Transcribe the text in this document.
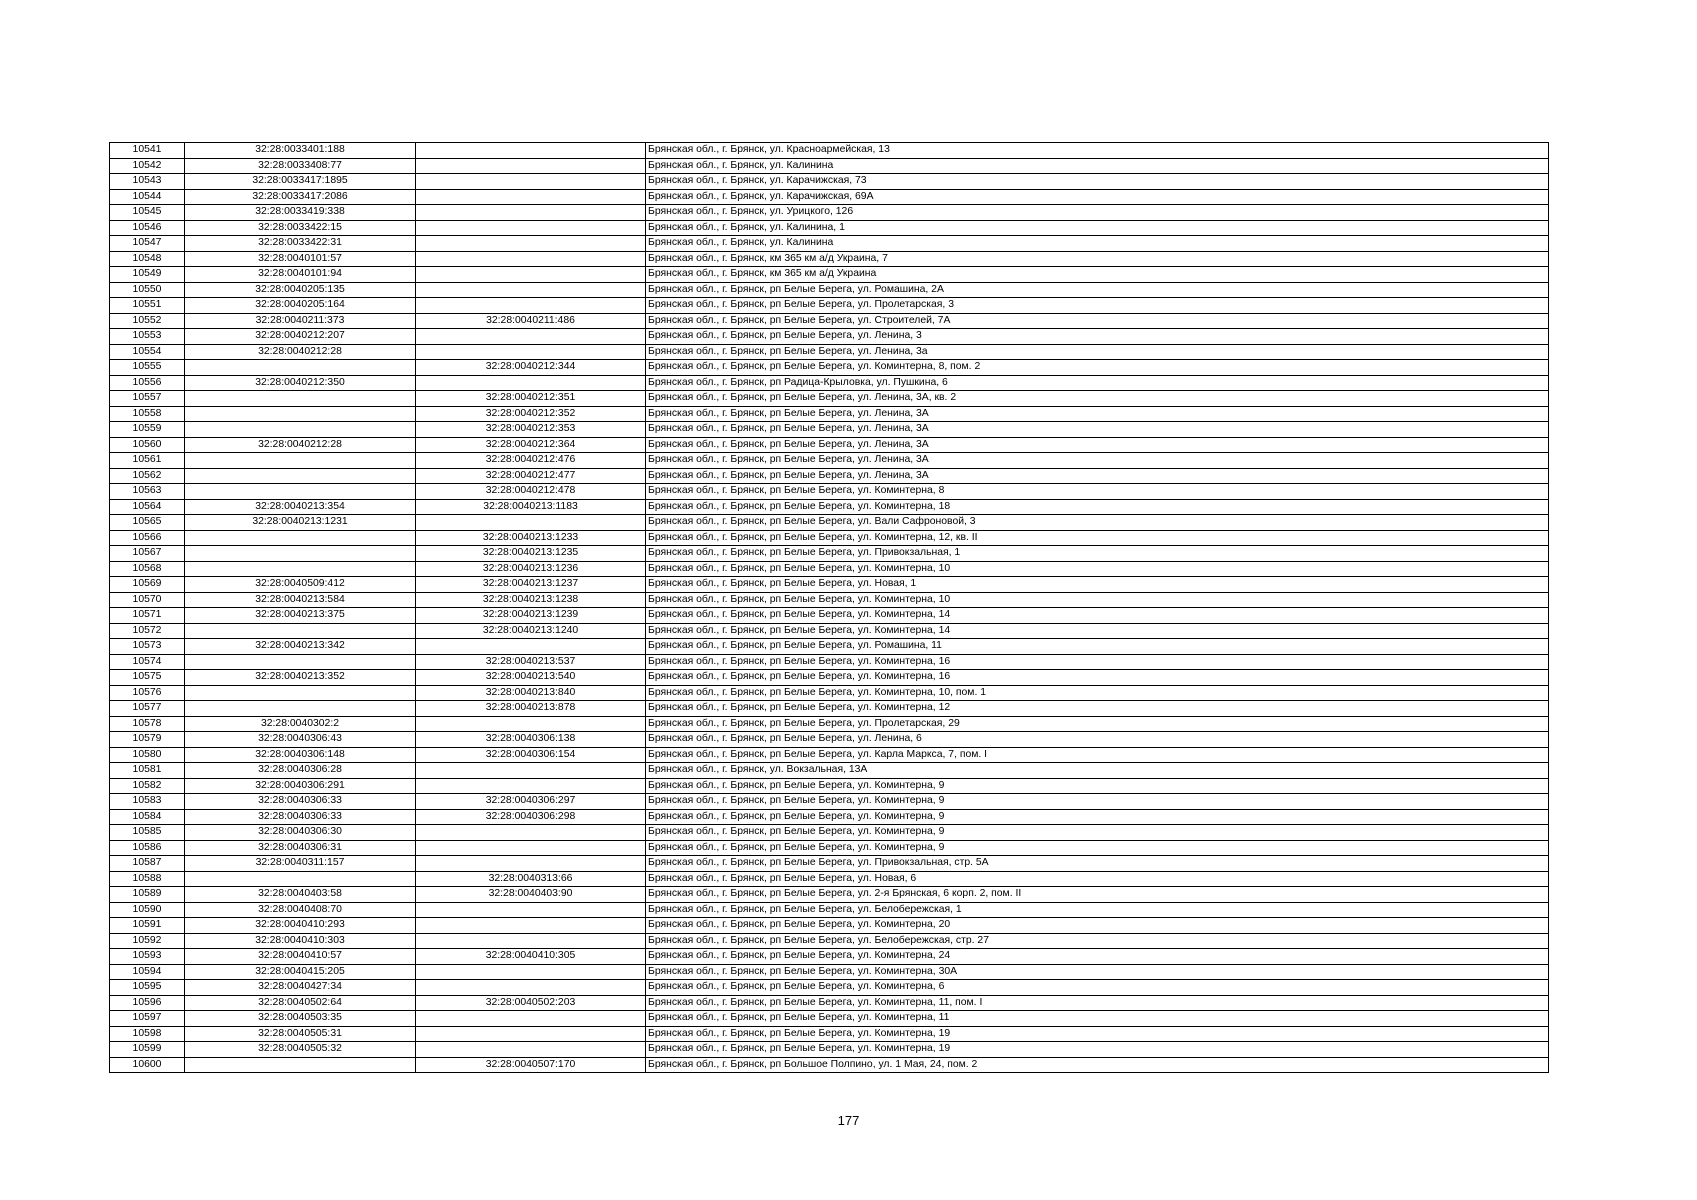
10541	32:28:0033401:188		Брянская обл., г. Брянск, ул. Красноармейская, 13
10542	32:28:0033408:77		Брянская обл., г. Брянск, ул. Калинина
10543	32:28:0033417:1895		Брянская обл., г. Брянск, ул. Карачижская, 73
10544	32:28:0033417:2086		Брянская обл., г. Брянск, ул. Карачижская, 69А
10545	32:28:0033419:338		Брянская обл., г. Брянск, ул. Урицкого, 126
10546	32:28:0033422:15		Брянская обл., г. Брянск, ул. Калинина, 1
10547	32:28:0033422:31		Брянская обл., г. Брянск, ул. Калинина
10548	32:28:0040101:57		Брянская обл., г. Брянск, км 365 км а/д Украина, 7
10549	32:28:0040101:94		Брянская обл., г. Брянск, км 365 км а/д Украина
10550	32:28:0040205:135		Брянская обл., г. Брянск, рп Белые Берега, ул. Ромашина, 2А
10551	32:28:0040205:164		Брянская обл., г. Брянск, рп Белые Берега, ул. Пролетарская, 3
10552	32:28:0040211:373	32:28:0040211:486	Брянская обл., г. Брянск, рп Белые Берега, ул. Строителей, 7А
10553	32:28:0040212:207		Брянская обл., г. Брянск, рп Белые Берега, ул. Ленина, 3
10554	32:28:0040212:28		Брянская обл., г. Брянск, рп Белые Берега, ул. Ленина, 3а
10555		32:28:0040212:344	Брянская обл., г. Брянск, рп Белые Берега, ул. Коминтерна, 8, пом. 2
10556	32:28:0040212:350		Брянская обл., г. Брянск, рп Радица-Крыловка, ул. Пушкина, 6
10557		32:28:0040212:351	Брянская обл., г. Брянск, рп Белые Берега, ул. Ленина, 3А, кв. 2
10558		32:28:0040212:352	Брянская обл., г. Брянск, рп Белые Берега, ул. Ленина, 3А
10559		32:28:0040212:353	Брянская обл., г. Брянск, рп Белые Берега, ул. Ленина, 3А
10560	32:28:0040212:28	32:28:0040212:364	Брянская обл., г. Брянск, рп Белые Берега, ул. Ленина, 3А
10561		32:28:0040212:476	Брянская обл., г. Брянск, рп Белые Берега, ул. Ленина, 3А
10562		32:28:0040212:477	Брянская обл., г. Брянск, рп Белые Берега, ул. Ленина, 3А
10563		32:28:0040212:478	Брянская обл., г. Брянск, рп Белые Берега, ул. Коминтерна, 8
10564	32:28:0040213:354	32:28:0040213:1183	Брянская обл., г. Брянск, рп Белые Берега, ул. Коминтерна, 18
10565	32:28:0040213:1231		Брянская обл., г. Брянск, рп Белые Берега, ул. Вали Сафроновой, 3
10566		32:28:0040213:1233	Брянская обл., г. Брянск, рп Белые Берега, ул. Коминтерна, 12, кв. II
10567		32:28:0040213:1235	Брянская обл., г. Брянск, рп Белые Берега, ул. Привокзальная, 1
10568		32:28:0040213:1236	Брянская обл., г. Брянск, рп Белые Берега, ул. Коминтерна, 10
10569	32:28:0040509:412	32:28:0040213:1237	Брянская обл., г. Брянск, рп Белые Берега, ул. Новая, 1
10570	32:28:0040213:584	32:28:0040213:1238	Брянская обл., г. Брянск, рп Белые Берега, ул. Коминтерна, 10
10571	32:28:0040213:375	32:28:0040213:1239	Брянская обл., г. Брянск, рп Белые Берега, ул. Коминтерна, 14
10572		32:28:0040213:1240	Брянская обл., г. Брянск, рп Белые Берега, ул. Коминтерна, 14
10573	32:28:0040213:342		Брянская обл., г. Брянск, рп Белые Берега, ул. Ромашина, 11
10574		32:28:0040213:537	Брянская обл., г. Брянск, рп Белые Берега, ул. Коминтерна, 16
10575	32:28:0040213:352	32:28:0040213:540	Брянская обл., г. Брянск, рп Белые Берега, ул. Коминтерна, 16
10576		32:28:0040213:840	Брянская обл., г. Брянск, рп Белые Берега, ул. Коминтерна, 10, пом. 1
10577		32:28:0040213:878	Брянская обл., г. Брянск, рп Белые Берега, ул. Коминтерна, 12
10578	32:28:0040302:2		Брянская обл., г. Брянск, рп Белые Берега, ул. Пролетарская, 29
10579	32:28:0040306:43	32:28:0040306:138	Брянская обл., г. Брянск, рп Белые Берега, ул. Ленина, 6
10580	32:28:0040306:148	32:28:0040306:154	Брянская обл., г. Брянск, рп Белые Берега, ул. Карла Маркса, 7, пом. I
10581	32:28:0040306:28		Брянская обл., г. Брянск, ул. Вокзальная, 13А
10582	32:28:0040306:291		Брянская обл., г. Брянск, рп Белые Берега, ул. Коминтерна, 9
10583	32:28:0040306:33	32:28:0040306:297	Брянская обл., г. Брянск, рп Белые Берега, ул. Коминтерна, 9
10584	32:28:0040306:33	32:28:0040306:298	Брянская обл., г. Брянск, рп Белые Берега, ул. Коминтерна, 9
10585	32:28:0040306:30		Брянская обл., г. Брянск, рп Белые Берега, ул. Коминтерна, 9
10586	32:28:0040306:31		Брянская обл., г. Брянск, рп Белые Берега, ул. Коминтерна, 9
10587	32:28:0040311:157		Брянская обл., г. Брянск, рп Белые Берега, ул. Привокзальная, стр. 5А
10588		32:28:0040313:66	Брянская обл., г. Брянск, рп Белые Берега, ул. Новая, 6
10589	32:28:0040403:58	32:28:0040403:90	Брянская обл., г. Брянск, рп Белые Берега, ул. 2-я Брянская, 6 корп. 2, пом. II
10590	32:28:0040408:70		Брянская обл., г. Брянск, рп Белые Берега, ул. Белобережская, 1
10591	32:28:0040410:293		Брянская обл., г. Брянск, рп Белые Берега, ул. Коминтерна, 20
10592	32:28:0040410:303		Брянская обл., г. Брянск, рп Белые Берега, ул. Белобережская, стр. 27
10593	32:28:0040410:57	32:28:0040410:305	Брянская обл., г. Брянск, рп Белые Берега, ул. Коминтерна, 24
10594	32:28:0040415:205		Брянская обл., г. Брянск, рп Белые Берега, ул. Коминтерна, 30А
10595	32:28:0040427:34		Брянская обл., г. Брянск, рп Белые Берега, ул. Коминтерна, 6
10596	32:28:0040502:64	32:28:0040502:203	Брянская обл., г. Брянск, рп Белые Берега, ул. Коминтерна, 11, пом. I
10597	32:28:0040503:35		Брянская обл., г. Брянск, рп Белые Берега, ул. Коминтерна, 11
10598	32:28:0040505:31		Брянская обл., г. Брянск, рп Белые Берега, ул. Коминтерна, 19
10599	32:28:0040505:32		Брянская обл., г. Брянск, рп Белые Берега, ул. Коминтерна, 19
10600		32:28:0040507:170	Брянская обл., г. Брянск, рп Большое Полпино, ул. 1 Мая, 24, пом. 2
177
